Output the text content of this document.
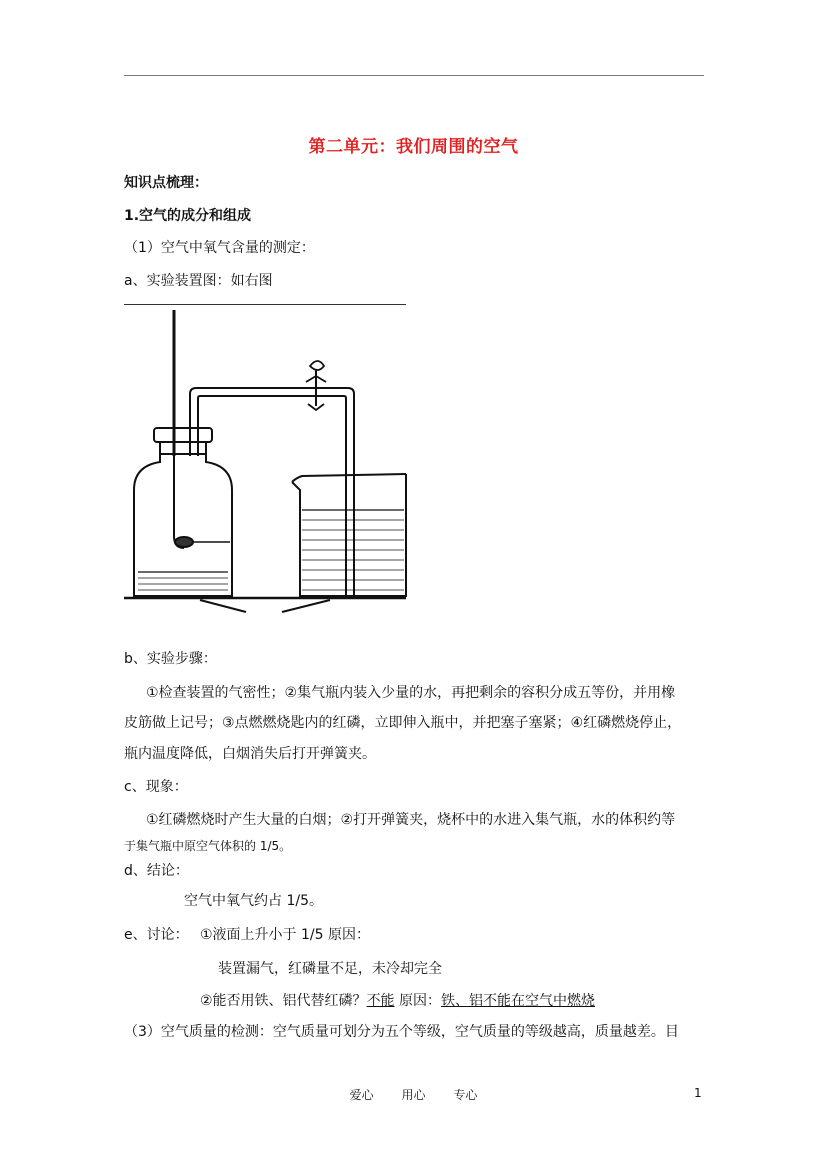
第二单元：我们周围的空气
知识点梳理：
1.空气的成分和组成
（1）空气中氧气含量的测定：
a、实验装置图：如右图
b、实验步骤：
①检查装置的气密性；②集气瓶内装入少量的水，再把剩余的容积分成五等份，并用橡
皮筋做上记号；③点燃燃烧匙内的红磷，立即伸入瓶中，并把塞子塞紧；④红磷燃烧停止，
瓶内温度降低，白烟消失后打开弹簧夹。
c、现象：
①红磷燃烧时产生大量的白烟；②打开弹簧夹，烧杯中的水进入集气瓶，水的体积约等
于集气瓶中原空气体积的 1/5。
d、结论：
空气中氧气约占 1/5。
e、讨论： ①液面上升小于 1/5 原因：
装置漏气，红磷量不足，未冷却完全
②能否用铁、铝代替红磷？不能 原因：铁、铝不能在空气中燃烧
（3）空气质量的检测：空气质量可划分为五个等级，空气质量的等级越高，质量越差。目
爱心 用心 专心	1
